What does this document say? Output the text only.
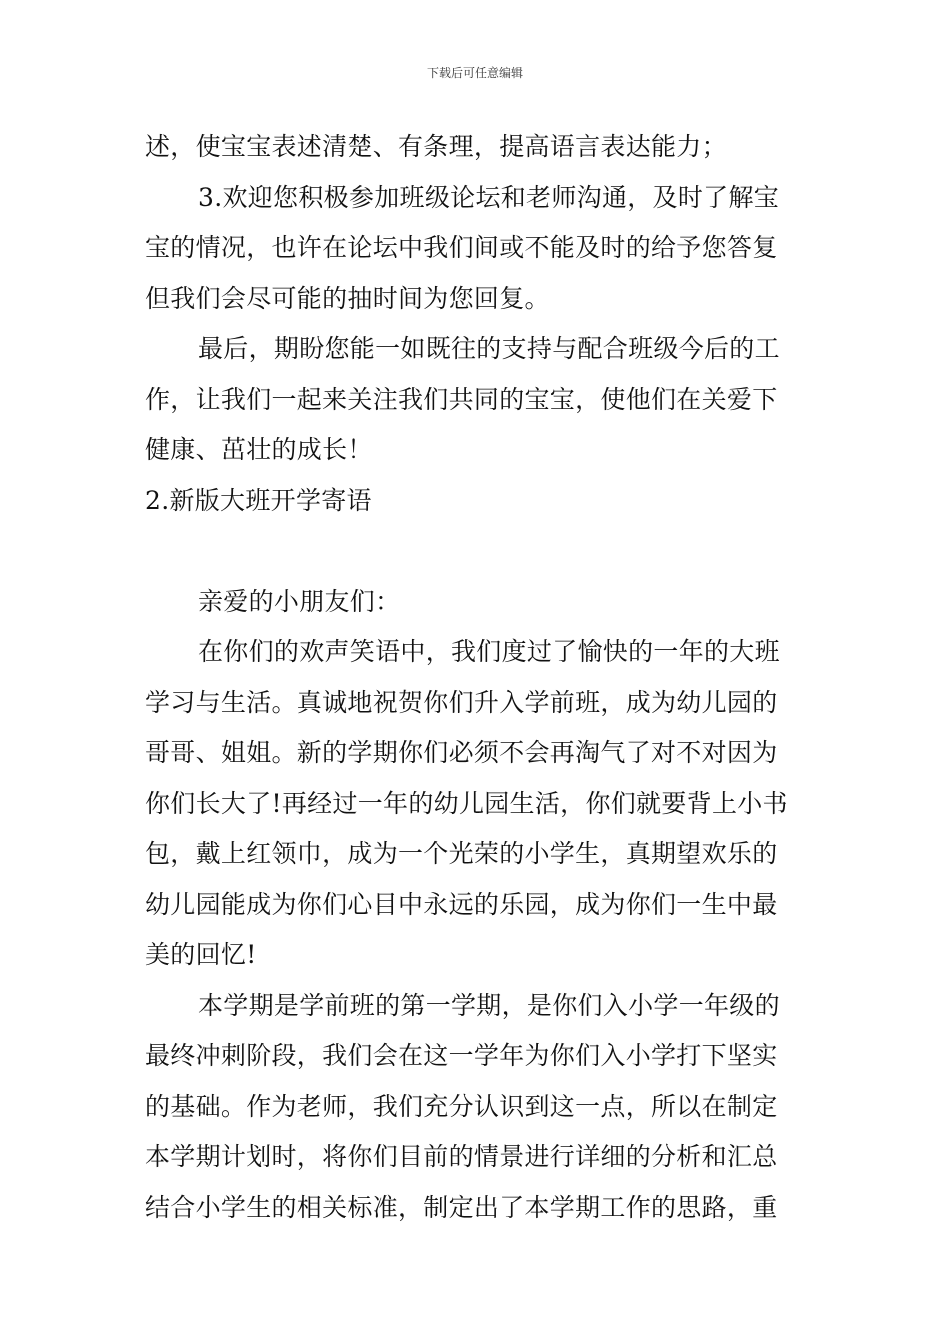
下载后可任意编辑
述，使宝宝表述清楚、有条理，提高语言表达能力；
3.欢迎您积极参加班级论坛和老师沟通，及时了解宝
宝的情况，也许在论坛中我们间或不能及时的给予您答复
但我们会尽可能的抽时间为您回复。
最后，期盼您能一如既往的支持与配合班级今后的工
作，让我们一起来关注我们共同的宝宝，使他们在关爱下
健康、茁壮的成长！
2.新版大班开学寄语
亲爱的小朋友们：
在你们的欢声笑语中，我们度过了愉快的一年的大班
学习与生活。真诚地祝贺你们升入学前班，成为幼儿园的
哥哥、姐姐。新的学期你们必须不会再淘气了对不对因为
你们长大了!再经过一年的幼儿园生活，你们就要背上小书
包，戴上红领巾，成为一个光荣的小学生，真期望欢乐的
幼儿园能成为你们心目中永远的乐园，成为你们一生中最
美的回忆!
本学期是学前班的第一学期，是你们入小学一年级的
最终冲刺阶段，我们会在这一学年为你们入小学打下坚实
的基础。作为老师，我们充分认识到这一点，所以在制定
本学期计划时，将你们目前的情景进行详细的分析和汇总
结合小学生的相关标准，制定出了本学期工作的思路，重
